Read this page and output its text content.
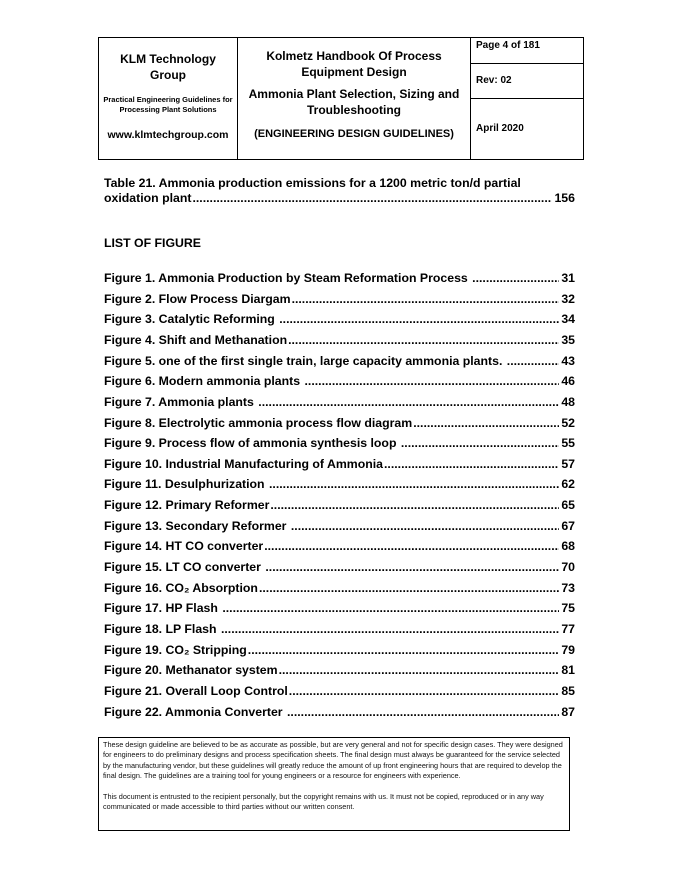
KLM Technology Group
Practical Engineering Guidelines for Processing Plant Solutions
www.klmtechgroup.com
Kolmetz Handbook Of Process Equipment Design
Ammonia Plant Selection, Sizing and Troubleshooting
(ENGINEERING DESIGN GUIDELINES)
Page 4 of 181
Rev: 02
April 2020
Table 21. Ammonia production emissions for a 1200 metric ton/d partial
oxidation plant .....	156
LIST OF FIGURE
Figure 1. Ammonia Production by Steam Reformation Process .....	31
Figure 2. Flow Process Diargam .....	32
Figure 3. Catalytic Reforming .....	34
Figure 4. Shift and Methanation .....	35
Figure 5. one of the first single train, large capacity ammonia plants. .....	43
Figure 6. Modern ammonia plants .....	46
Figure 7. Ammonia plants .....	48
Figure 8. Electrolytic ammonia process flow diagram .....	52
Figure 9. Process flow of ammonia synthesis loop .....	55
Figure 10. Industrial Manufacturing of Ammonia .....	57
Figure 11. Desulphurization .....	62
Figure 12. Primary Reformer .....	65
Figure 13. Secondary Reformer .....	67
Figure 14. HT CO converter .....	68
Figure 15. LT CO converter .....	70
Figure 16. CO₂ Absorption .....	73
Figure 17. HP Flash .....	75
Figure 18. LP Flash .....	77
Figure 19. CO₂ Stripping .....	79
Figure 20. Methanator system .....	81
Figure 21. Overall Loop Control .....	85
Figure 22. Ammonia Converter .....	87

These design guideline are believed to be as accurate as possible, but are very general and not for specific design cases. They were designed for engineers to do preliminary designs and process specification sheets. The final design must always be guaranteed for the service selected by the manufacturing vendor, but these guidelines will greatly reduce the amount of up front engineering hours that are required to develop the final design. The guidelines are a training tool for young engineers or a resource for engineers with experience.

This document is entrusted to the recipient personally, but the copyright remains with us. It must not be copied, reproduced or in any way communicated or made accessible to third parties without our written consent.
